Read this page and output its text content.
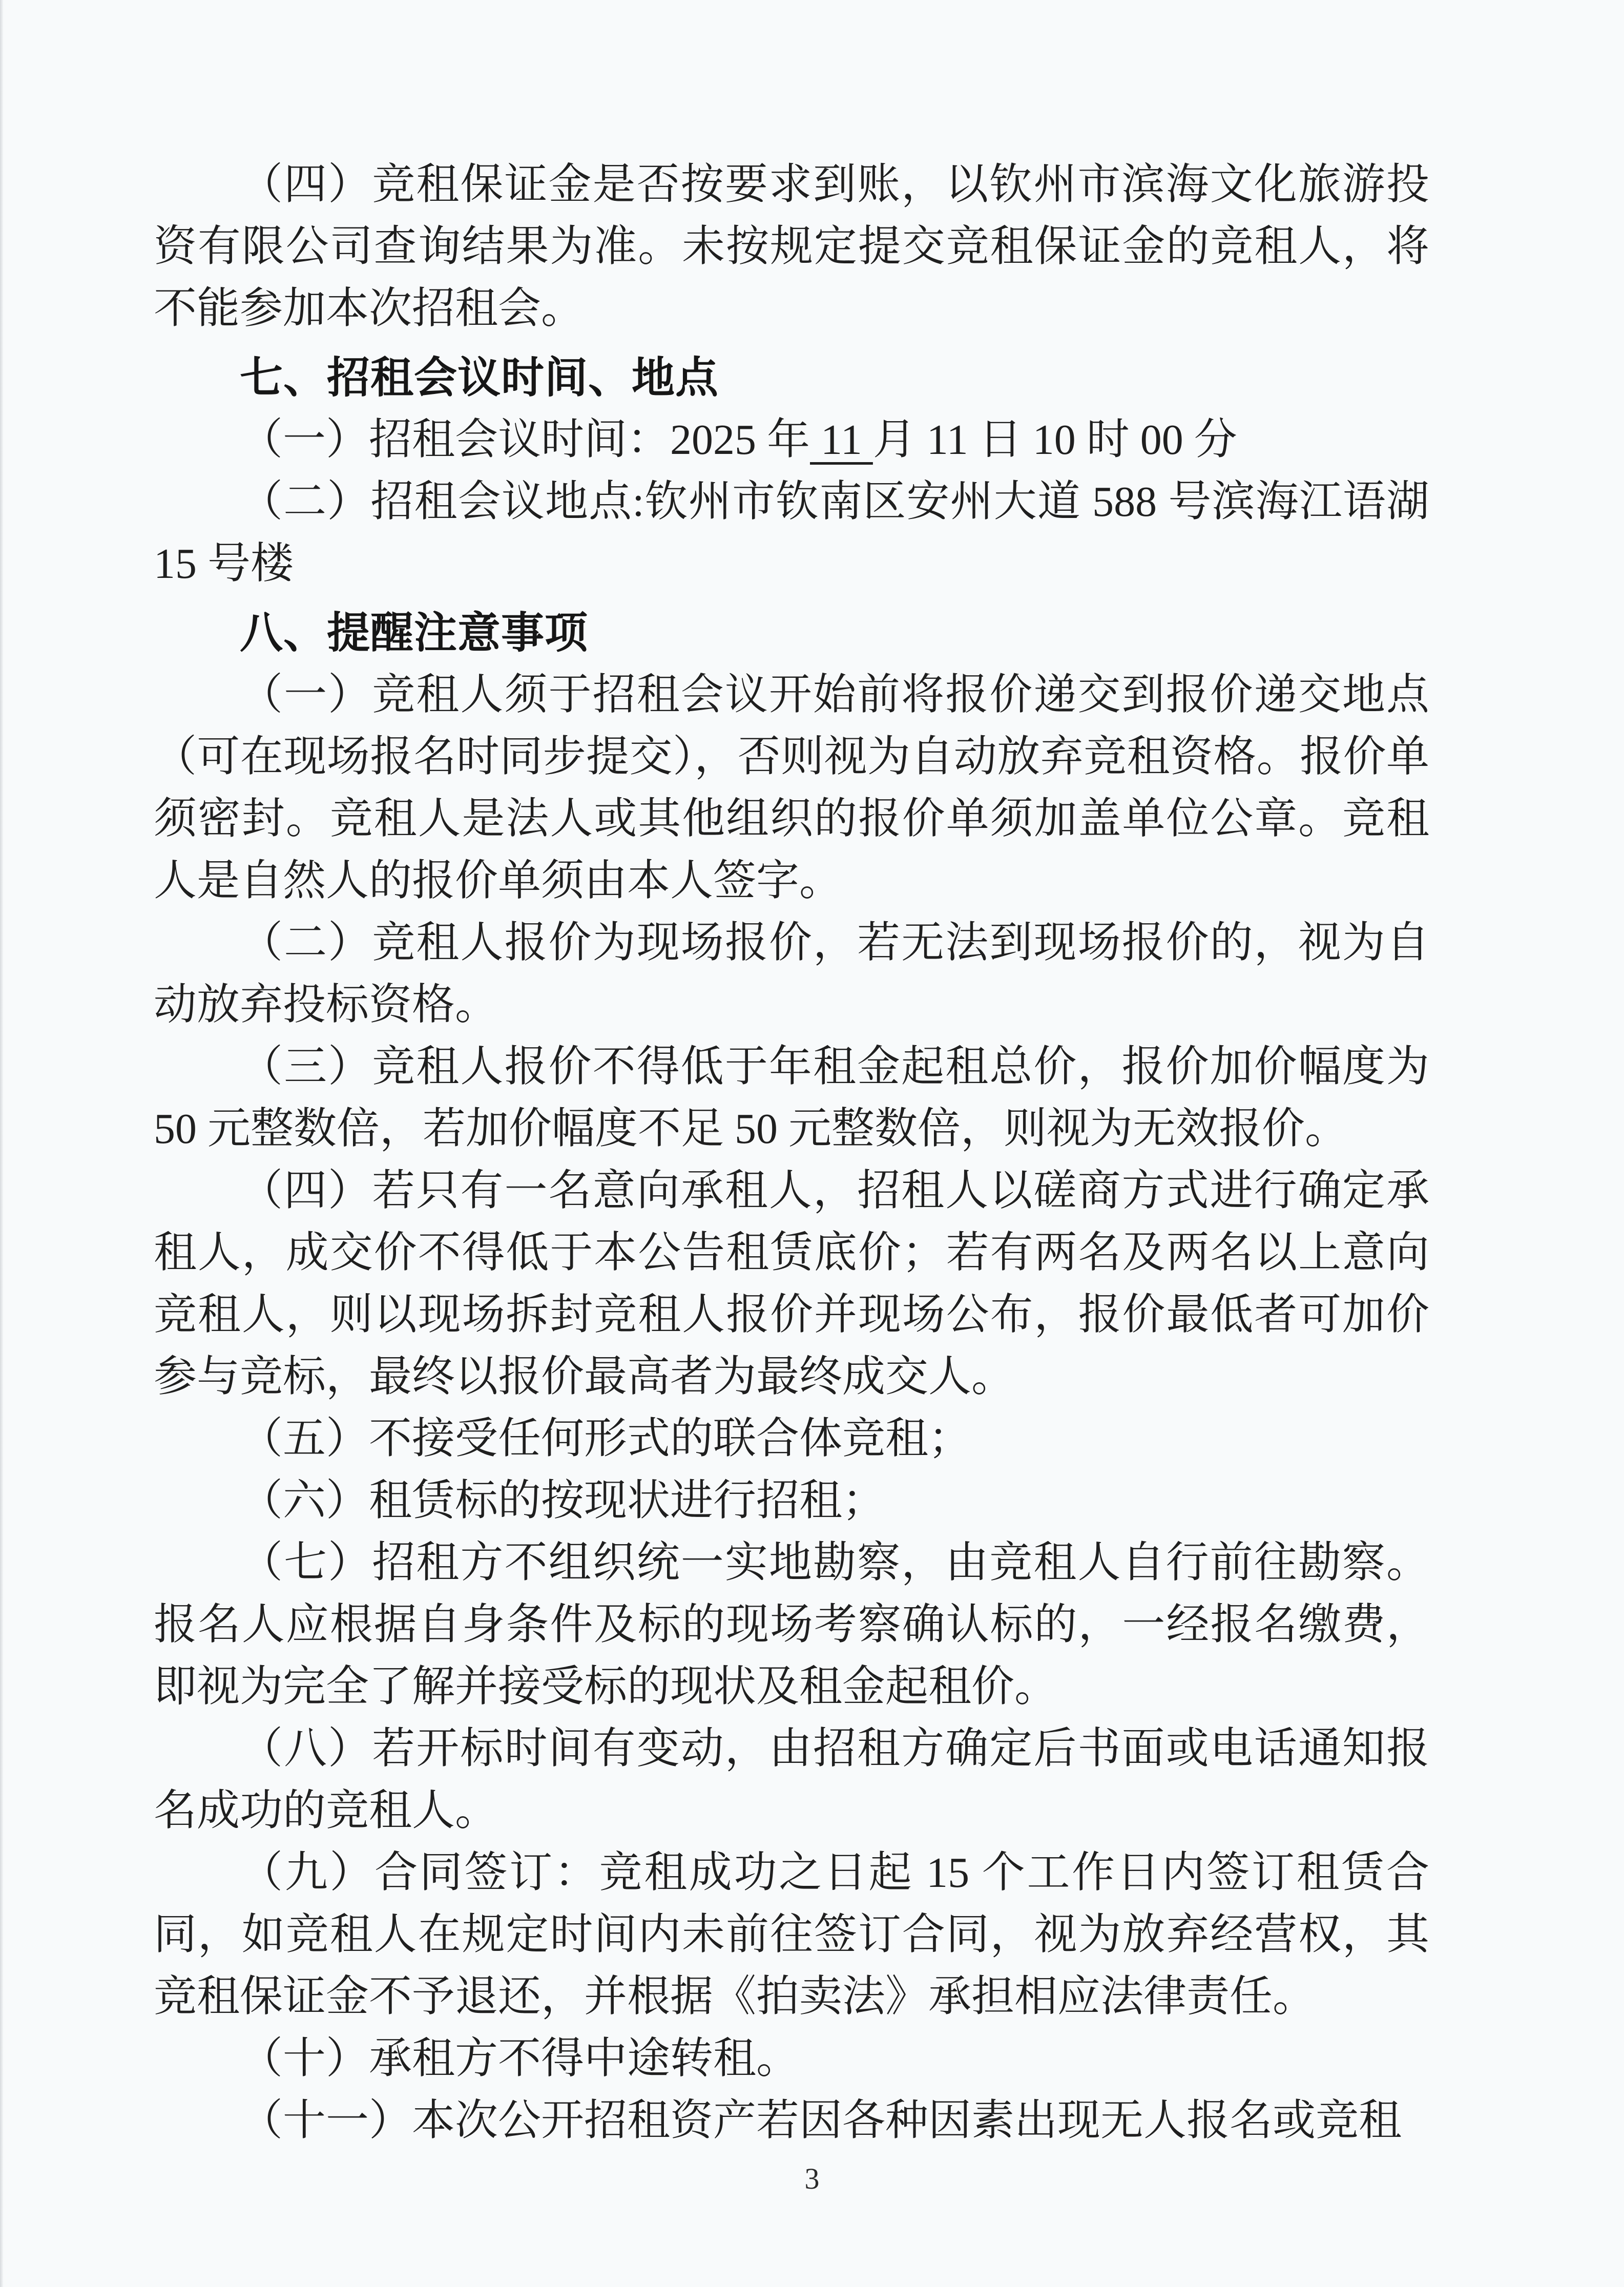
（四）竞租保证金是否按要求到账，以钦州市滨海文化旅游投资有限公司查询结果为准。未按规定提交竞租保证金的竞租人，将不能参加本次招租会。

七、招租会议时间、地点

（一）招租会议时间：2025 年 11 月 11 日 10 时 00 分

（二）招租会议地点:钦州市钦南区安州大道 588 号滨海江语湖 15 号楼

八、提醒注意事项

（一）竞租人须于招租会议开始前将报价递交到报价递交地点（可在现场报名时同步提交），否则视为自动放弃竞租资格。报价单须密封。竞租人是法人或其他组织的报价单须加盖单位公章。竞租人是自然人的报价单须由本人签字。

（二）竞租人报价为现场报价，若无法到现场报价的，视为自动放弃投标资格。

（三）竞租人报价不得低于年租金起租总价，报价加价幅度为 50 元整数倍，若加价幅度不足 50 元整数倍，则视为无效报价。

（四）若只有一名意向承租人，招租人以磋商方式进行确定承租人，成交价不得低于本公告租赁底价；若有两名及两名以上意向竞租人，则以现场拆封竞租人报价并现场公布，报价最低者可加价参与竞标，最终以报价最高者为最终成交人。

（五）不接受任何形式的联合体竞租；

（六）租赁标的按现状进行招租；

（七）招租方不组织统一实地勘察，由竞租人自行前往勘察。报名人应根据自身条件及标的现场考察确认标的，一经报名缴费，即视为完全了解并接受标的现状及租金起租价。

（八）若开标时间有变动，由招租方确定后书面或电话通知报名成功的竞租人。

（九）合同签订：竞租成功之日起 15 个工作日内签订租赁合同，如竞租人在规定时间内未前往签订合同，视为放弃经营权，其竞租保证金不予退还，并根据《拍卖法》承担相应法律责任。

（十）承租方不得中途转租。

（十一）本次公开招租资产若因各种因素出现无人报名或竞租

3
